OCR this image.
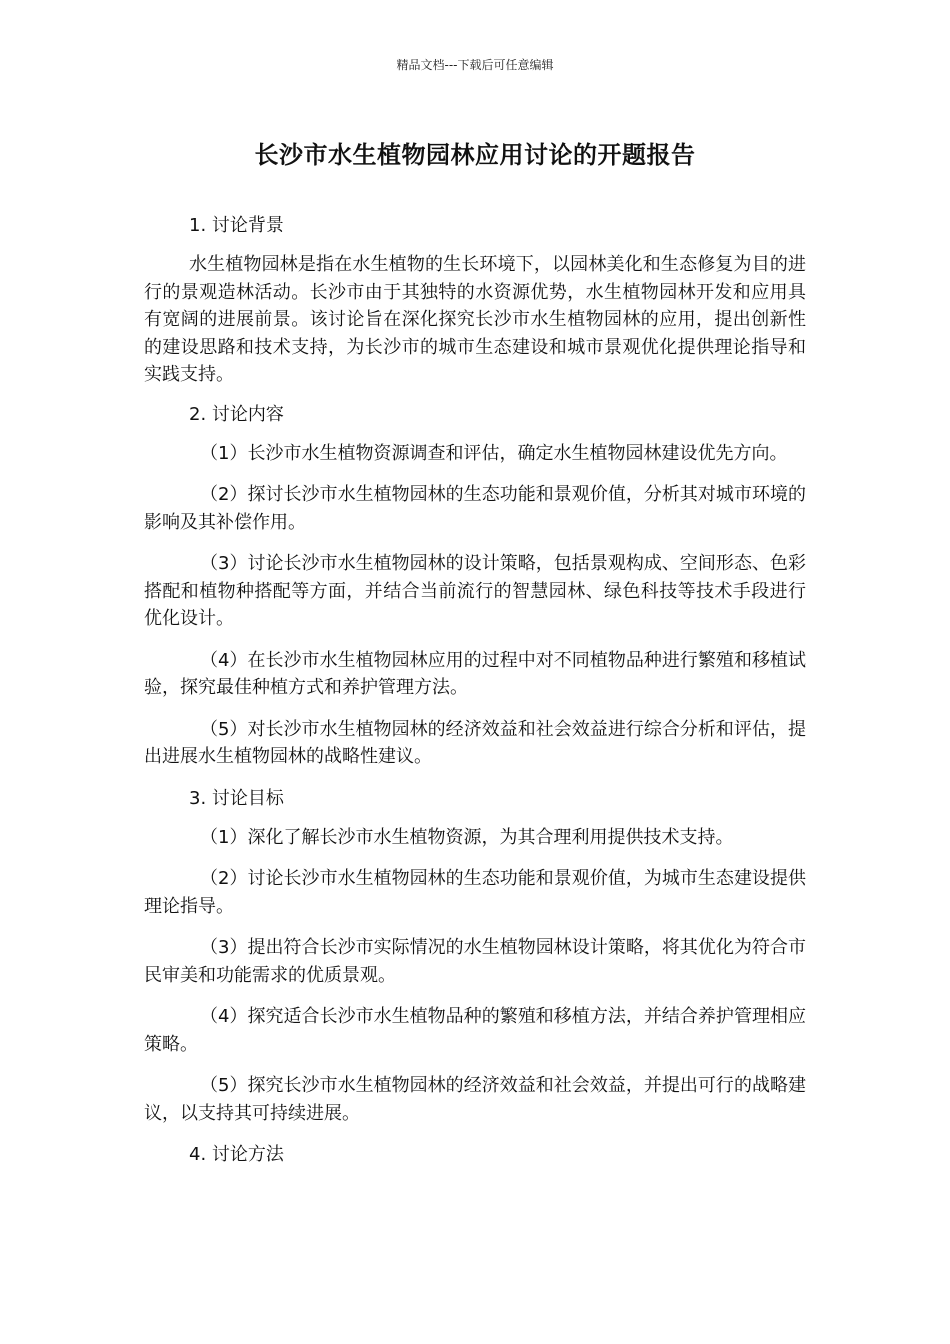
精品文档---下载后可任意编辑
长沙市水生植物园林应用讨论的开题报告
1. 讨论背景

水生植物园林是指在水生植物的生长环境下，以园林美化和生态修复为目的进行的景观造林活动。长沙市由于其独特的水资源优势，水生植物园林开发和应用具有宽阔的进展前景。该讨论旨在深化探究长沙市水生植物园林的应用，提出创新性的建设思路和技术支持，为长沙市的城市生态建设和城市景观优化提供理论指导和实践支持。

2. 讨论内容

（1）长沙市水生植物资源调查和评估，确定水生植物园林建设优先方向。

（2）探讨长沙市水生植物园林的生态功能和景观价值，分析其对城市环境的影响及其补偿作用。

（3）讨论长沙市水生植物园林的设计策略，包括景观构成、空间形态、色彩搭配和植物种搭配等方面，并结合当前流行的智慧园林、绿色科技等技术手段进行优化设计。

（4）在长沙市水生植物园林应用的过程中对不同植物品种进行繁殖和移植试验，探究最佳种植方式和养护管理方法。

（5）对长沙市水生植物园林的经济效益和社会效益进行综合分析和评估，提出进展水生植物园林的战略性建议。

3. 讨论目标

（1）深化了解长沙市水生植物资源，为其合理利用提供技术支持。

（2）讨论长沙市水生植物园林的生态功能和景观价值，为城市生态建设提供理论指导。

（3）提出符合长沙市实际情况的水生植物园林设计策略，将其优化为符合市民审美和功能需求的优质景观。

（4）探究适合长沙市水生植物品种的繁殖和移植方法，并结合养护管理相应策略。

（5）探究长沙市水生植物园林的经济效益和社会效益，并提出可行的战略建议，以支持其可持续进展。

4. 讨论方法
